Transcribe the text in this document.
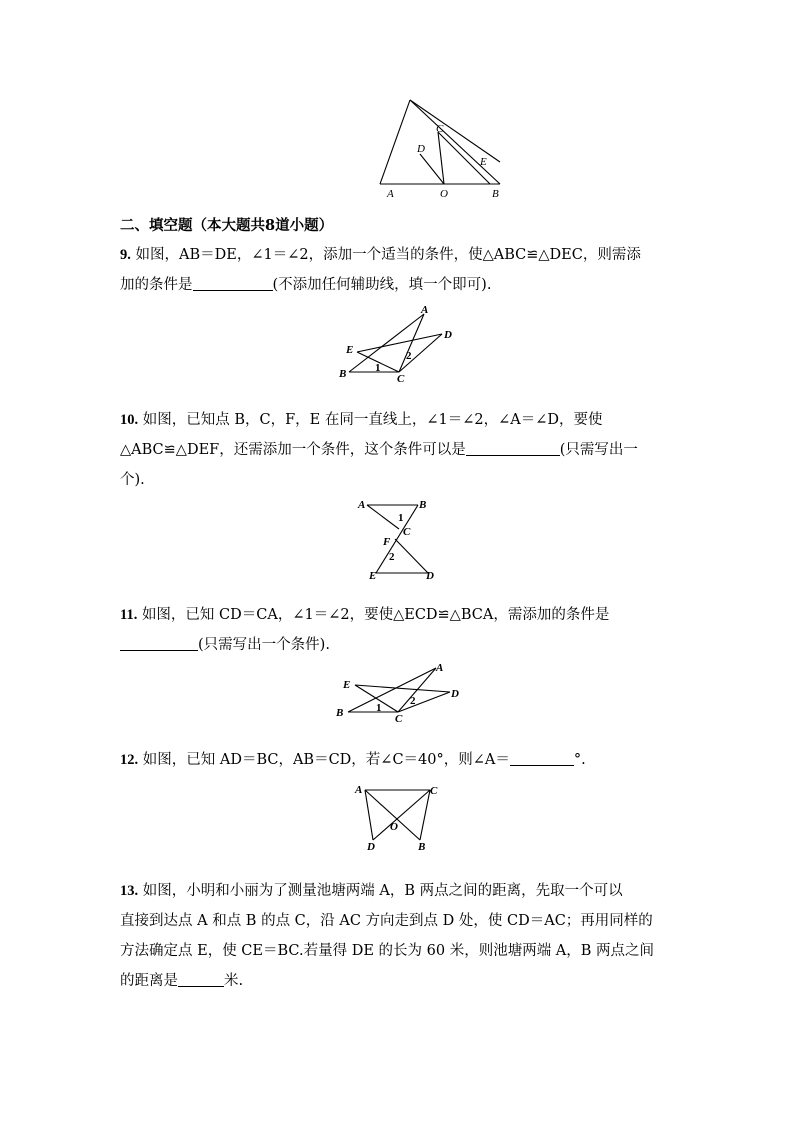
A
D
C
E
O	B
二、填空题（本大题共8道小题）
9. 如图，AB＝DE，∠1＝∠2，添加一个适当的条件，使△ABC≌△DEC，则需添
加的条件是	(不添加任何辅助线，填一个即可).
A
D
E
B	C
1
2
10. 如图，已知点 B，C，F，E 在同一直线上，∠1＝∠2，∠A＝∠D，要使
△ABC≌△DEF，还需添加一个条件，这个条件可以是	(只需写出一
个).
A	B
1
C
F
2
E	D
11. 如图，已知 CD＝CA，∠1＝∠2，要使△ECD≌△BCA，需添加的条件是
(只需写出一个条件).
A
E
D
B	C
1
2
12. 如图，已知 AD＝BC，AB＝CD，若∠C＝40°，则∠A＝	°.
A	C
O
D	B
13. 如图，小明和小丽为了测量池塘两端 A，B 两点之间的距离，先取一个可以
直接到达点 A 和点 B 的点 C，沿 AC 方向走到点 D 处，使 CD＝AC；再用同样的
方法确定点 E，使 CE＝BC.若量得 DE 的长为 60 米，则池塘两端 A，B 两点之间
的距离是	米.
